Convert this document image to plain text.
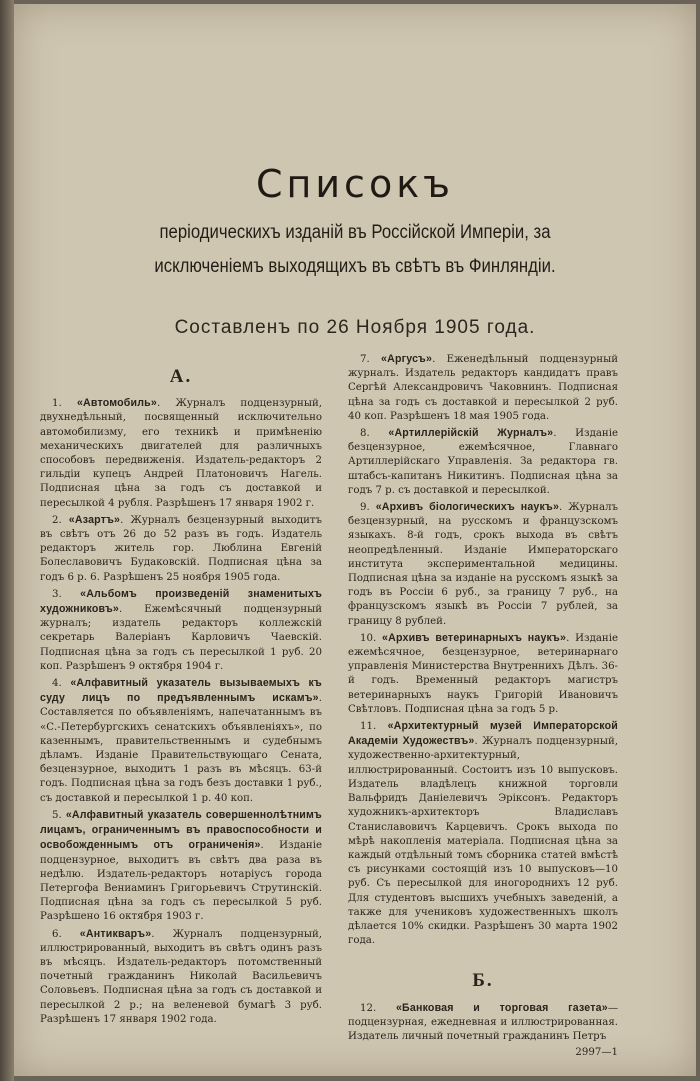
Списокъ
періодическихъ изданій въ Россійской Имперіи, за исключеніемъ выходящихъ въ свѣтъ въ Финляндіи.
Составленъ по 26 Ноября 1905 года.
А.

1. «Автомобиль». Журналъ подцензурный, двухнедѣльный, посвященный исключительно автомобилизму, его техникѣ и примѣненію механическихъ двигателей для различныхъ способовъ передвиженія. Издатель-редакторъ 2 гильдіи купецъ Андрей Платоновичъ Нагель. Подписная цѣна за годъ съ доставкой и пересылкой 4 рубля. Разрѣшенъ 17 января 1902 г.

2. «Азартъ». Журналъ безцензурный выходитъ въ свѣтъ отъ 26 до 52 разъ въ годъ. Издатель редакторъ житель гор. Люблина Евгеній Болеславовичъ Будаковскій. Подписная цѣна за годъ 6 р. 6. Разрѣшенъ 25 ноября 1905 года.

3. «Альбомъ произведеній знаменитыхъ художниковъ». Ежемѣсячный подцензурный журналъ; издатель редакторъ коллежскій секретарь Валеріанъ Карловичъ Чаевскій. Подписная цѣна за годъ съ пересылкой 1 руб. 20 коп. Разрѣшенъ 9 октября 1904 г.

4. «Алфавитный указатель вызываемыхъ къ суду лицъ по предъявленнымъ искамъ». Составляется по объявленіямъ, напечатаннымъ въ «С.-Петербургскихъ сенатскихъ объявленіяхъ», по казеннымъ, правительственнымъ и судебнымъ дѣламъ. Изданіе Правительствующаго Сената, безцензурное, выходитъ 1 разъ въ мѣсяцъ. 63-й годъ. Подписная цѣна за годъ безъ доставки 1 руб., съ доставкой и пересылкой 1 р. 40 коп.

5. «Алфавитный указатель совершеннолѣтнимъ лицамъ, ограниченнымъ въ правоспособности и освобожденнымъ отъ ограниченія». Изданіе подцензурное, выходитъ въ свѣтъ два раза въ недѣлю. Издатель-редакторъ нотаріусъ города Петергофа Вениаминъ Григорьевичъ Струтинскій. Подписная цѣна за годъ съ пересылкой 5 руб. Разрѣшено 16 октября 1903 г.

6. «Антикваръ». Журналъ подцензурный, иллюстрированный, выходитъ въ свѣтъ одинъ разъ въ мѣсяцъ. Издатель-редакторъ потомственный почетный гражданинъ Николай Васильевичъ Соловьевъ. Подписная цѣна за годъ съ доставкой и пересылкой 2 р.; на веленевой бумагѣ 3 руб. Разрѣшенъ 17 января 1902 года.

7. «Аргусъ». Еженедѣльный подцензурный журналъ. Издатель редакторъ кандидатъ правъ Сергѣй Александровичъ Чаковнинъ. Подписная цѣна за годъ съ доставкой и пересылкой 2 руб. 40 коп. Разрѣшенъ 18 мая 1905 года.

8. «Артиллерійскій Журналъ». Изданіе безцензурное, ежемѣсячное, Главнаго Артиллерійскаго Управленія. За редактора гв. штабсъ-капитанъ Никитинъ. Подписная цѣна за годъ 7 р. съ доставкой и пересылкой.

9. «Архивъ біологическихъ наукъ». Журналъ безцензурный, на русскомъ и французскомъ языкахъ. 8-й годъ, срокъ выхода въ свѣтъ неопредѣленный. Изданіе Императорскаго института экспериментальной медицины. Подписная цѣна за изданіе на русскомъ языкѣ за годъ въ Россіи 6 руб., за границу 7 руб., на французскомъ языкѣ въ Россіи 7 рублей, за границу 8 рублей.

10. «Архивъ ветеринарныхъ наукъ». Изданіе ежемѣсячное, безцензурное, ветеринарнаго управленія Министерства Внутреннихъ Дѣлъ. 36-й годъ. Временный редакторъ магистръ ветеринарныхъ наукъ Григорій Ивановичъ Свѣтловъ. Подписная цѣна за годъ 5 р.

11. «Архитектурный музей Императорской Академіи Художествъ». Журналъ подцензурный, художественно-архитектурный, иллюстрированный. Состоитъ изъ 10 выпусковъ. Издатель владѣлецъ книжной торговли Вальфридъ Даніелевичъ Эрiксонъ. Редакторъ художникъ-архитекторъ Владиславъ Станиславовичъ Карцевичъ. Срокъ выхода по мѣрѣ накопленія матеріала. Подписная цѣна за каждый отдѣльный томъ сборника статей вмѣстѣ съ рисунками состоящій изъ 10 выпусковъ—10 руб. Съ пересылкой для иногороднихъ 12 руб. Для студентовъ высшихъ учебныхъ заведеній, а также для учениковъ художественныхъ школъ дѣлается 10% скидки. Разрѣшенъ 30 марта 1902 года.

Б.

12. «Банковая и торговая газета»—подцензурная, ежедневная и иллюстрированная. Издатель личный почетный гражданинъ Петръ

2997—1
